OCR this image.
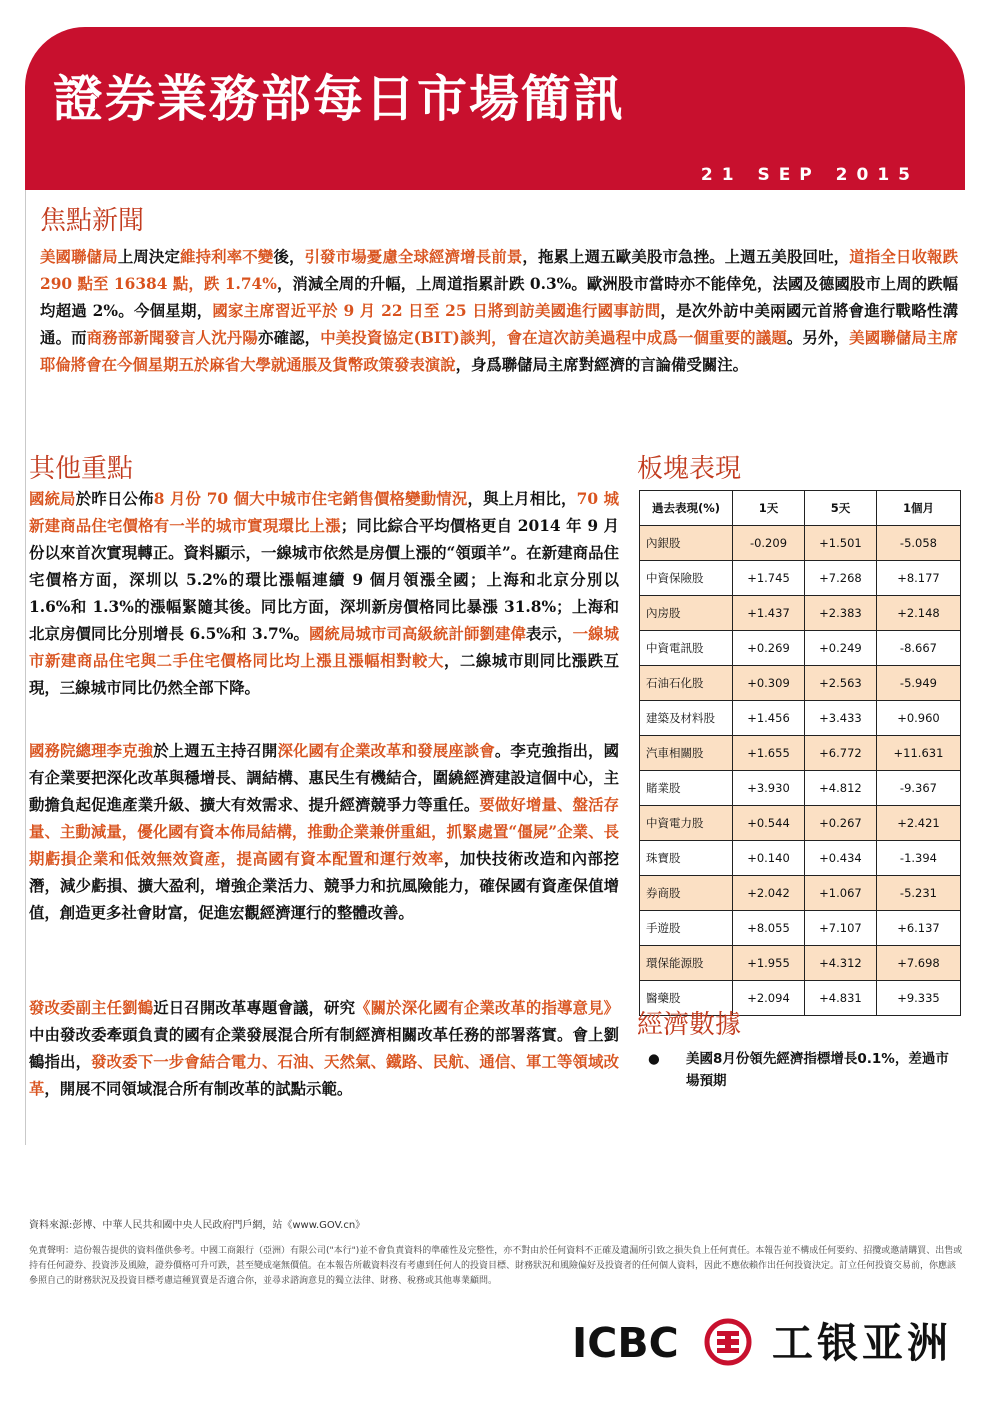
證券業務部每日市場簡訊
21 SEP 2015
焦點新聞
美國聯儲局上周決定維持利率不變後，引發市場憂慮全球經濟增長前景，拖累上週五歐美股市急挫。上週五美股回吐，道指全日收報跌 290 點至 16384 點，跌 1.74%，消減全周的升幅，上周道指累計跌 0.3%。歐洲股市當時亦不能倖免，法國及德國股市上周的跌幅均超過 2%。今個星期，國家主席習近平於 9 月 22 日至 25 日將到訪美國進行國事訪問，是次外訪中美兩國元首將會進行戰略性溝通。而商務部新聞發言人沈丹陽亦確認，中美投資協定(BIT)談判，會在這次訪美過程中成爲一個重要的議題。另外，美國聯儲局主席耶倫將會在今個星期五於麻省大學就通脹及貨幣政策發表演說，身爲聯儲局主席對經濟的言論備受關注。
其他重點
國統局於昨日公佈8 月份 70 個大中城市住宅銷售價格變動情況，與上月相比，70 城新建商品住宅價格有一半的城市實現環比上漲；同比綜合平均價格更自 2014 年 9 月份以來首次實現轉正。資料顯示，一線城市依然是房價上漲的“領頭羊”。在新建商品住宅價格方面，深圳以 5.2%的環比漲幅連續 9 個月領漲全國；上海和北京分別以 1.6%和 1.3%的漲幅緊隨其後。同比方面，深圳新房價格同比暴漲 31.8%；上海和北京房價同比分別增長 6.5%和 3.7%。國統局城市司高級統計師劉建偉表示，一線城市新建商品住宅與二手住宅價格同比均上漲且漲幅相對較大，二線城市則同比漲跌互現，三線城市同比仍然全部下降。
國務院總理李克強於上週五主持召開深化國有企業改革和發展座談會。李克強指出，國有企業要把深化改革與穩增長、調結構、惠民生有機結合，圍繞經濟建設這個中心，主動擔負起促進產業升級、擴大有效需求、提升經濟競爭力等重任。要做好增量、盤活存量、主動減量，優化國有資本佈局結構，推動企業兼併重組，抓緊處置“僵屍”企業、長期虧損企業和低效無效資產，提高國有資本配置和運行效率，加快技術改造和內部挖潛，減少虧損、擴大盈利，增強企業活力、競爭力和抗風險能力，確保國有資產保值增值，創造更多社會財富，促進宏觀經濟運行的整體改善。
發改委副主任劉鶴近日召開改革專題會議，研究《關於深化國有企業改革的指導意見》中由發改委牽頭負責的國有企業發展混合所有制經濟相關改革任務的部署落實。會上劉鶴指出，發改委下一步會結合電力、石油、天然氣、鐵路、民航、通信、軍工等領域改革，開展不同領域混合所有制改革的試點示範。
板塊表現
過去表現(%)	1天	5天	1個月
內銀股	-0.209	+1.501	-5.058
中資保險股	+1.745	+7.268	+8.177
內房股	+1.437	+2.383	+2.148
中資電訊股	+0.269	+0.249	-8.667
石油石化股	+0.309	+2.563	-5.949
建築及材料股	+1.456	+3.433	+0.960
汽車相關股	+1.655	+6.772	+11.631
賭業股	+3.930	+4.812	-9.367
中資電力股	+0.544	+0.267	+2.421
珠寶股	+0.140	+0.434	-1.394
券商股	+2.042	+1.067	-5.231
手遊股	+8.055	+7.107	+6.137
環保能源股	+1.955	+4.312	+7.698
醫藥股	+2.094	+4.831	+9.335
經濟數據
● 美國8月份領先經濟指標增長0.1%，差過市場預期
資料來源:彭博、中華人民共和國中央人民政府門戶網，站《www.GOV.cn》
免責聲明：這份報告提供的資料僅供參考。中國工商銀行（亞洲）有限公司("本行")並不會負責資料的準確性及完整性，亦不對由於任何資料不正確及遺漏所引致之損失負上任何責任。本報告並不構成任何要約、招攬或邀請購買、出售或持有任何證券、投資涉及風險，證券價格可升可跌，甚至變成毫無價值。在本報告所載資料沒有考慮到任何人的投資目標、財務狀況和風險偏好及投資者的任何個人資料，因此不應依賴作出任何投資決定。訂立任何投資交易前，你應該參照自己的財務狀況及投資目標考慮這種買賣是否適合你，並尋求諮詢意見的獨立法律、財務、稅務或其他專業顧問。
ICBC 工银亚洲
